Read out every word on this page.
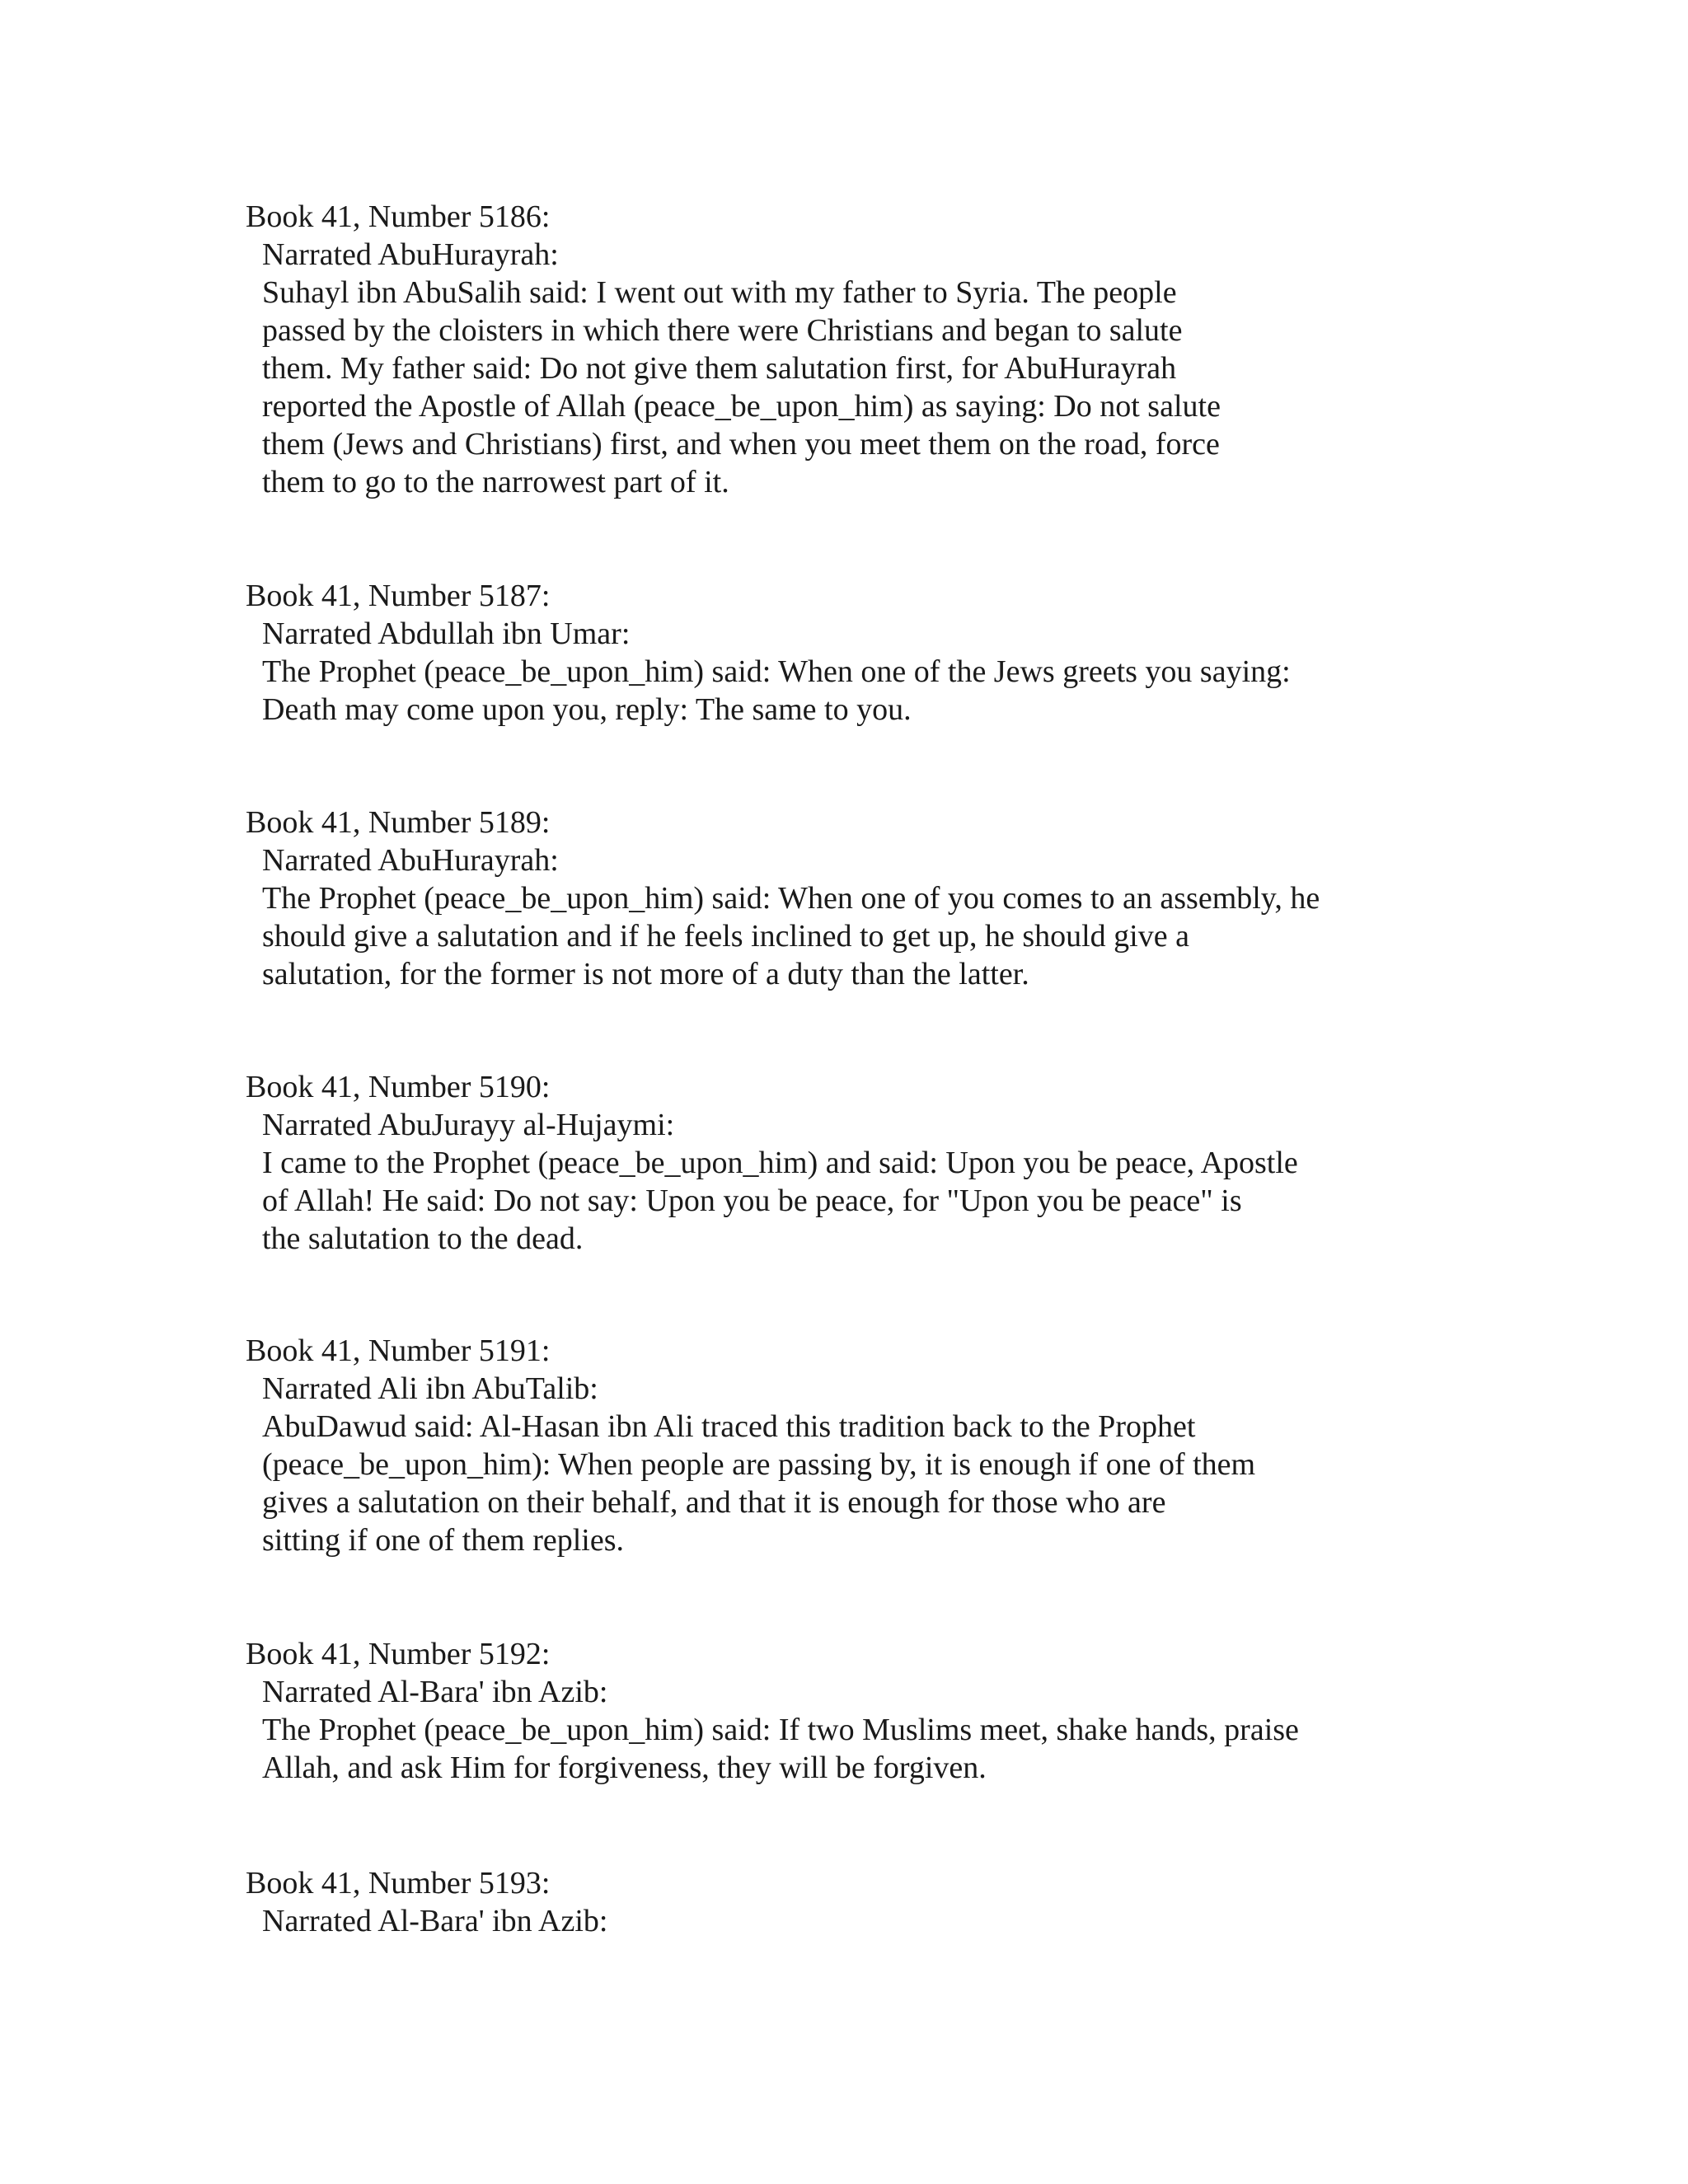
Book 41, Number 5186:
Narrated AbuHurayrah:
Suhayl ibn AbuSalih said: I went out with my father to Syria. The people
passed by the cloisters in which there were Christians and began to salute
them. My father said: Do not give them salutation first, for AbuHurayrah
reported the Apostle of Allah (peace_be_upon_him) as saying: Do not salute
them (Jews and Christians) first, and when you meet them on the road, force
them to go to the narrowest part of it.
Book 41, Number 5187:
Narrated Abdullah ibn Umar:
The Prophet (peace_be_upon_him) said: When one of the Jews greets you saying:
Death may come upon you, reply: The same to you.
Book 41, Number 5189:
Narrated AbuHurayrah:
The Prophet (peace_be_upon_him) said: When one of you comes to an assembly, he
should give a salutation and if he feels inclined to get up, he should give a
salutation, for the former is not more of a duty than the latter.
Book 41, Number 5190:
Narrated AbuJurayy al-Hujaymi:
I came to the Prophet (peace_be_upon_him) and said: Upon you be peace, Apostle
of Allah! He said: Do not say: Upon you be peace, for "Upon you be peace" is
the salutation to the dead.
Book 41, Number 5191:
Narrated Ali ibn AbuTalib:
AbuDawud said: Al-Hasan ibn Ali traced this tradition back to the Prophet
(peace_be_upon_him): When people are passing by, it is enough if one of them
gives a salutation on their behalf, and that it is enough for those who are
sitting if one of them replies.
Book 41, Number 5192:
Narrated Al-Bara' ibn Azib:
The Prophet (peace_be_upon_him) said: If two Muslims meet, shake hands, praise
Allah, and ask Him for forgiveness, they will be forgiven.
Book 41, Number 5193:
Narrated Al-Bara' ibn Azib:
